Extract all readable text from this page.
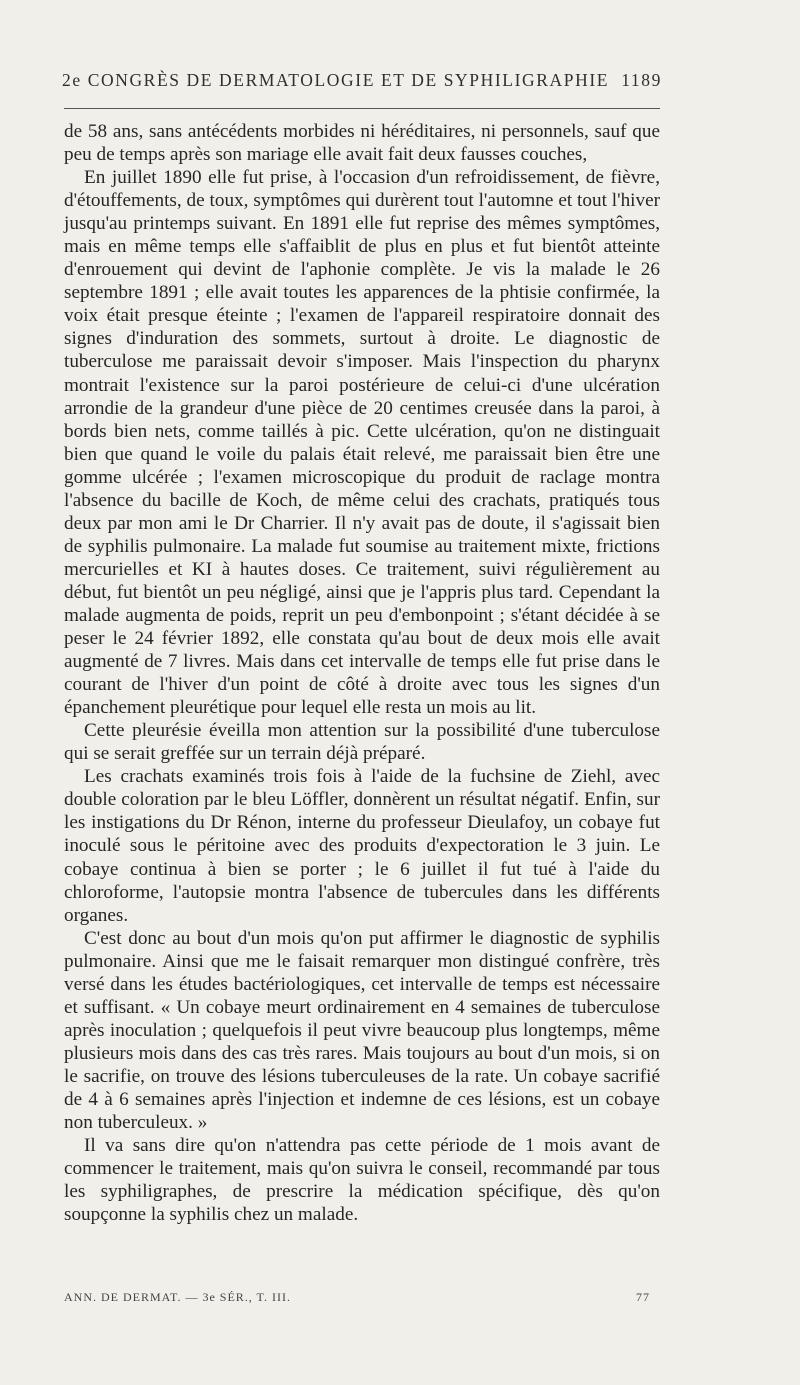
2e CONGRÈS DE DERMATOLOGIE ET DE SYPHILIGRAPHIE 1189

de 58 ans, sans antécédents morbides ni héréditaires, ni personnels, sauf que peu de temps après son mariage elle avait fait deux fausses couches,

En juillet 1890 elle fut prise, à l'occasion d'un refroidissement, de fièvre, d'étouffements, de toux, symptômes qui durèrent tout l'automne et tout l'hiver jusqu'au printemps suivant. En 1891 elle fut reprise des mêmes symptômes, mais en même temps elle s'affaiblit de plus en plus et fut bientôt atteinte d'enrouement qui devint de l'aphonie complète. Je vis la malade le 26 septembre 1891 ; elle avait toutes les apparences de la phtisie confirmée, la voix était presque éteinte ; l'examen de l'appareil respiratoire donnait des signes d'induration des sommets, surtout à droite. Le diagnostic de tuberculose me paraissait devoir s'imposer. Mais l'inspection du pharynx montrait l'existence sur la paroi postérieure de celui-ci d'une ulcération arrondie de la grandeur d'une pièce de 20 centimes creusée dans la paroi, à bords bien nets, comme taillés à pic. Cette ulcération, qu'on ne distinguait bien que quand le voile du palais était relevé, me paraissait bien être une gomme ulcérée ; l'examen microscopique du produit de raclage montra l'absence du bacille de Koch, de même celui des crachats, pratiqués tous deux par mon ami le Dr Charrier. Il n'y avait pas de doute, il s'agissait bien de syphilis pulmonaire. La malade fut soumise au traitement mixte, frictions mercurielles et KI à hautes doses. Ce traitement, suivi régulièrement au début, fut bientôt un peu négligé, ainsi que je l'appris plus tard. Cependant la malade augmenta de poids, reprit un peu d'embonpoint ; s'étant décidée à se peser le 24 février 1892, elle constata qu'au bout de deux mois elle avait augmenté de 7 livres. Mais dans cet intervalle de temps elle fut prise dans le courant de l'hiver d'un point de côté à droite avec tous les signes d'un épanchement pleurétique pour lequel elle resta un mois au lit.

Cette pleurésie éveilla mon attention sur la possibilité d'une tuberculose qui se serait greffée sur un terrain déjà préparé.

Les crachats examinés trois fois à l'aide de la fuchsine de Ziehl, avec double coloration par le bleu Löffler, donnèrent un résultat négatif. Enfin, sur les instigations du Dr Rénon, interne du professeur Dieulafoy, un cobaye fut inoculé sous le péritoine avec des produits d'expectoration le 3 juin. Le cobaye continua à bien se porter ; le 6 juillet il fut tué à l'aide du chloroforme, l'autopsie montra l'absence de tubercules dans les différents organes.

C'est donc au bout d'un mois qu'on put affirmer le diagnostic de syphilis pulmonaire. Ainsi que me le faisait remarquer mon distingué confrère, très versé dans les études bactériologiques, cet intervalle de temps est nécessaire et suffisant. « Un cobaye meurt ordinairement en 4 semaines de tuberculose après inoculation ; quelquefois il peut vivre beaucoup plus longtemps, même plusieurs mois dans des cas très rares. Mais toujours au bout d'un mois, si on le sacrifie, on trouve des lésions tuberculeuses de la rate. Un cobaye sacrifié de 4 à 6 semaines après l'injection et indemne de ces lésions, est un cobaye non tuberculeux. »

Il va sans dire qu'on n'attendra pas cette période de 1 mois avant de commencer le traitement, mais qu'on suivra le conseil, recommandé par tous les syphiligraphes, de prescrire la médication spécifique, dès qu'on soupçonne la syphilis chez un malade.

ANN. DE DERMAT. — 3e SÉR., T. III.	77
